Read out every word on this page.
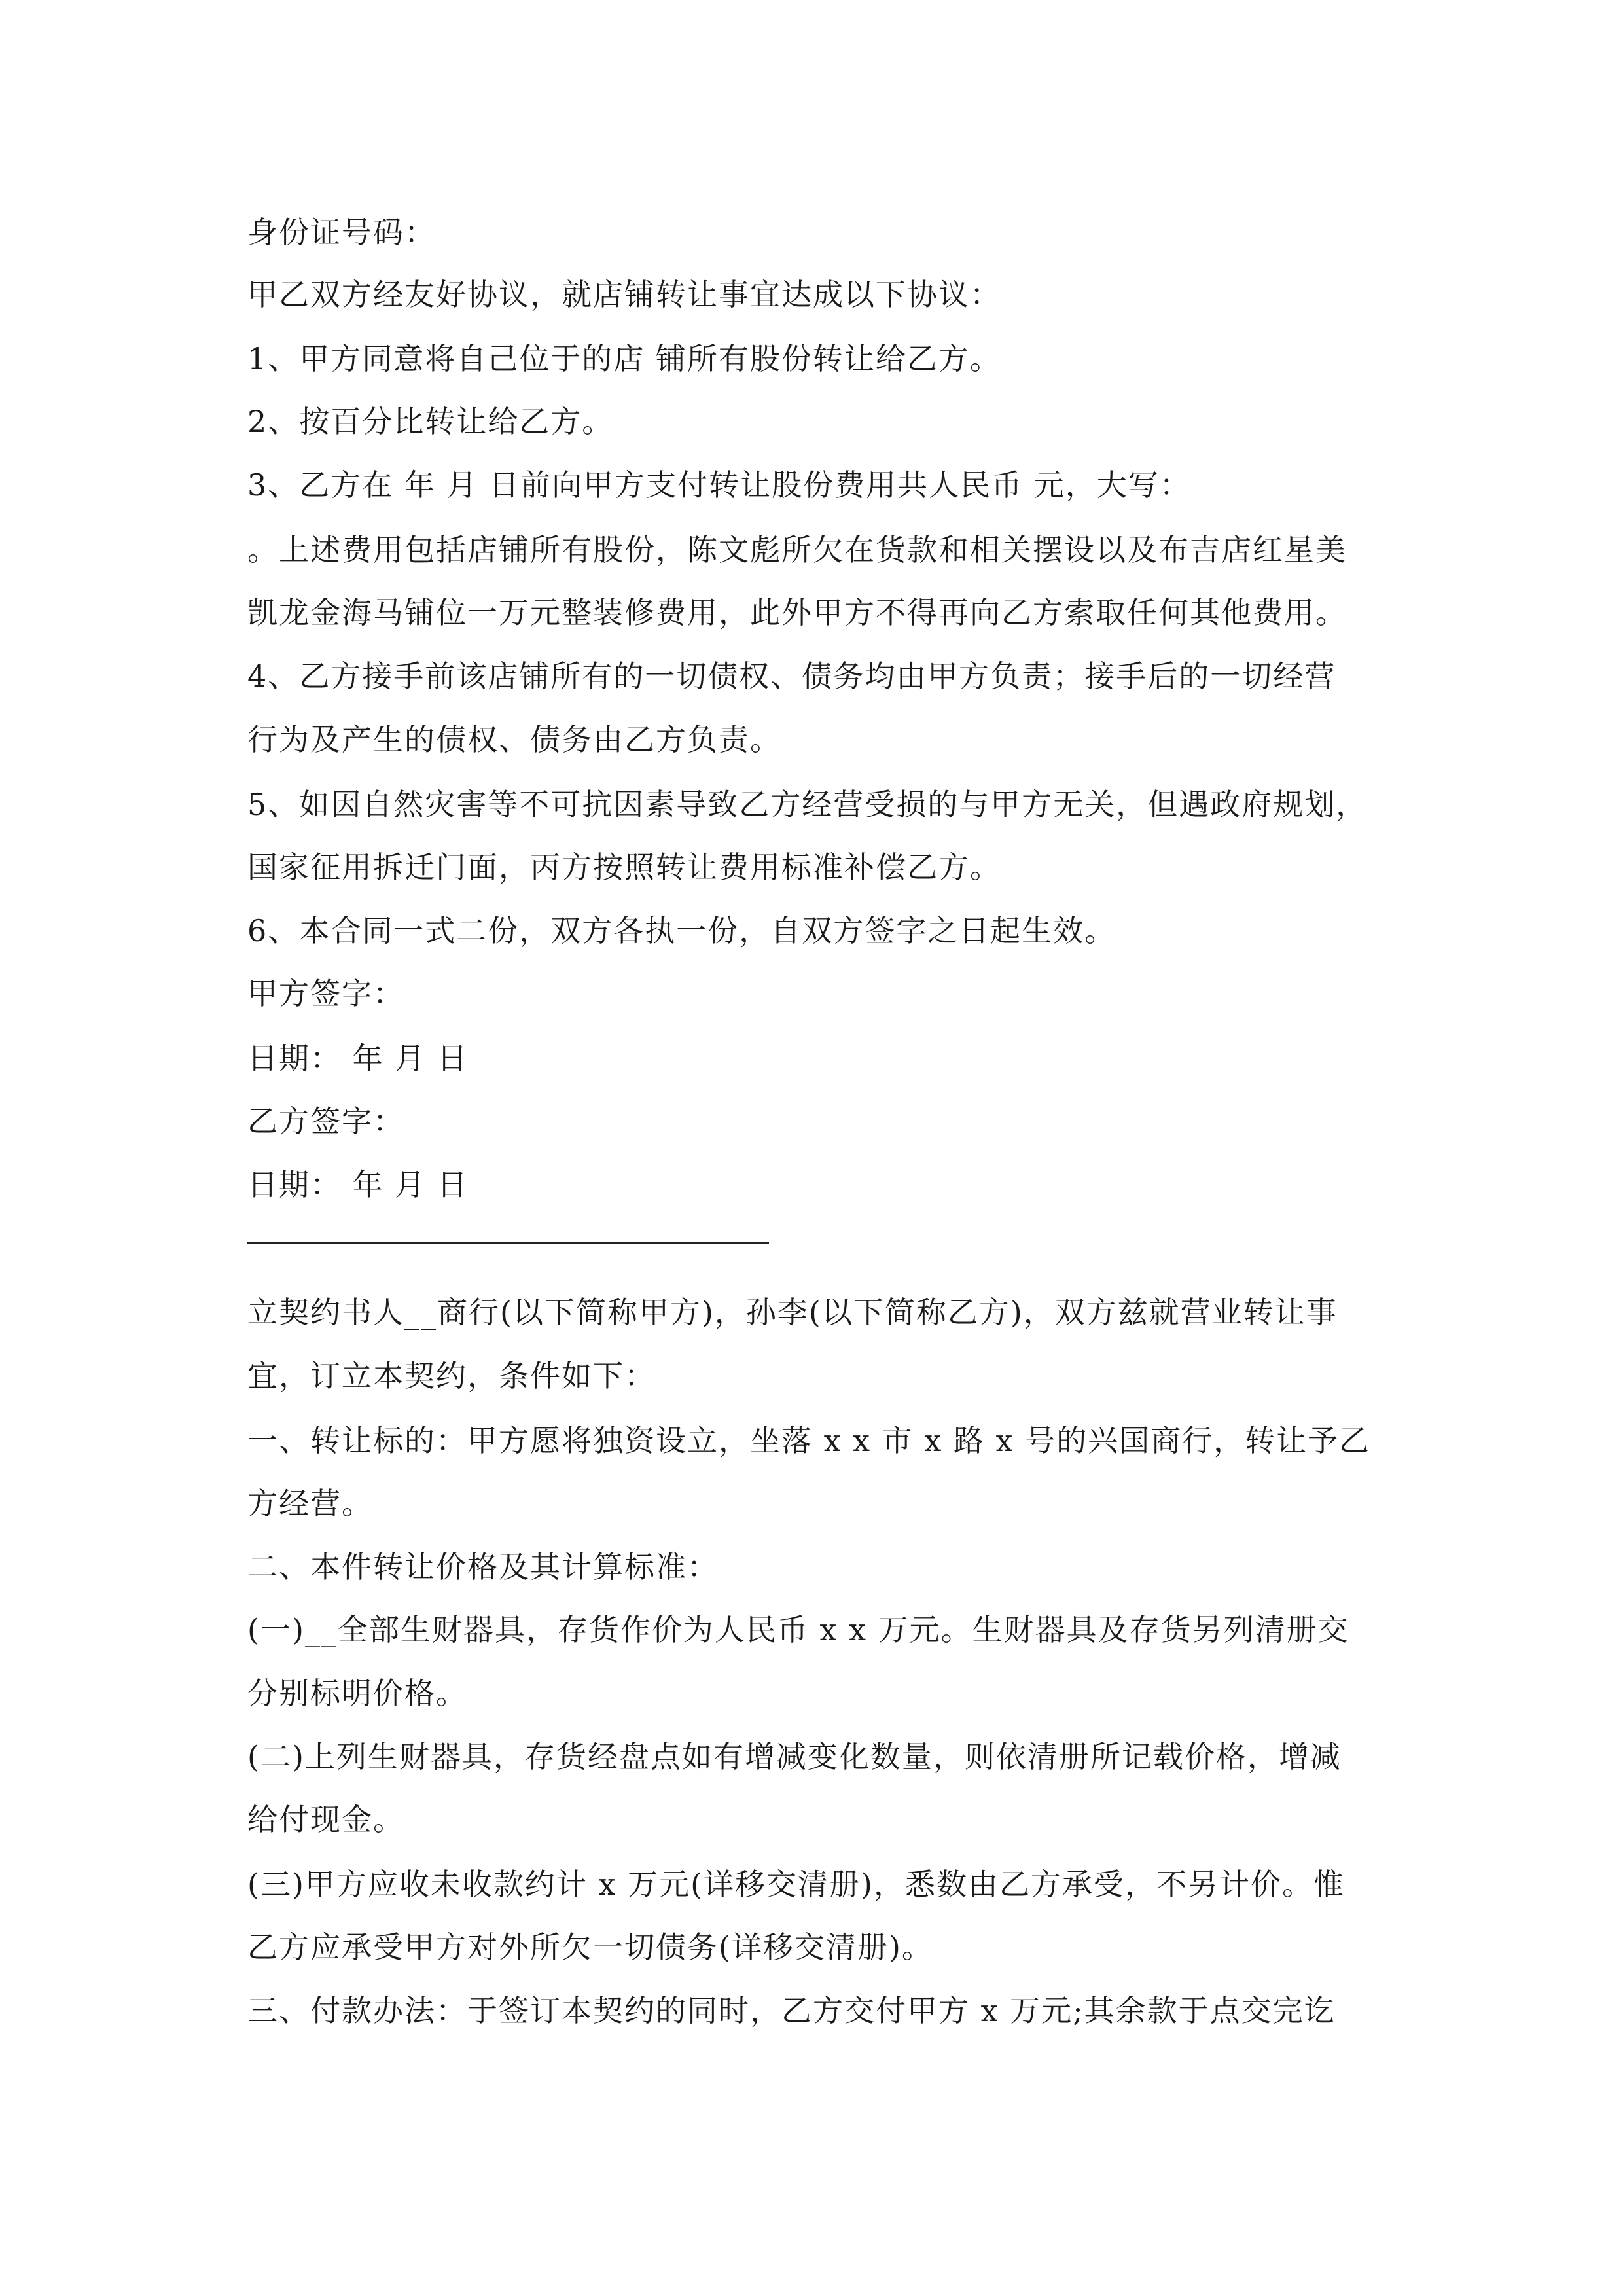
身份证号码：
甲乙双方经友好协议，就店铺转让事宜达成以下协议：
1、甲方同意将自己位于的店 铺所有股份转让给乙方。
2、按百分比转让给乙方。
3、乙方在 年 月 日前向甲方支付转让股份费用共人民币 元，大写：
。上述费用包括店铺所有股份，陈文彪所欠在货款和相关摆设以及布吉店红星美
凯龙金海马铺位一万元整装修费用，此外甲方不得再向乙方索取任何其他费用。
4、乙方接手前该店铺所有的一切债权、债务均由甲方负责；接手后的一切经营
行为及产生的债权、债务由乙方负责。
5、如因自然灾害等不可抗因素导致乙方经营受损的与甲方无关，但遇政府规划，
国家征用拆迁门面，丙方按照转让费用标准补偿乙方。
6、本合同一式二份，双方各执一份，自双方签字之日起生效。
甲方签字：
日期： 年 月 日
乙方签字：
日期： 年 月 日
立契约书人__商行(以下简称甲方)，孙李(以下简称乙方)，双方兹就营业转让事
宜，订立本契约，条件如下：
一、转让标的：甲方愿将独资设立，坐落 x x 市 x 路 x 号的兴国商行，转让予乙
方经营。
二、本件转让价格及其计算标准：
(一)__全部生财器具，存货作价为人民币 x x 万元。生财器具及存货另列清册交
分别标明价格。
(二)上列生财器具，存货经盘点如有增减变化数量，则依清册所记载价格，增减
给付现金。
(三)甲方应收未收款约计 x 万元(详移交清册)，悉数由乙方承受，不另计价。惟
乙方应承受甲方对外所欠一切债务(详移交清册)。
三、付款办法：于签订本契约的同时，乙方交付甲方 x 万元;其余款于点交完讫
